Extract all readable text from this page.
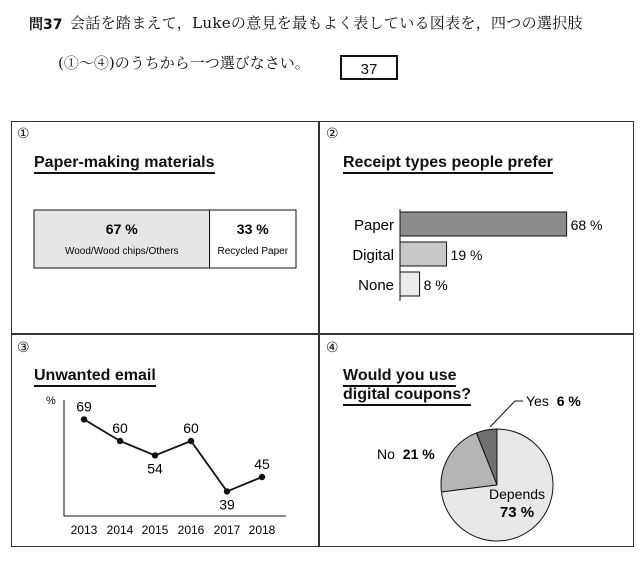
問37 会話を踏まえて，Lukeの意見を最もよく表している図表を，四つの選択肢
(①～④)のうちから一つ選びなさい。	37
①
Paper-making materials
67 %
Wood/Wood chips/Others
33 %
Recycled Paper
②
Receipt types people prefer
Paper
Digital
None
68 %
19 %
8 %
③
Unwanted email
% 69
60
54
60
39
45
2013 2014 2015 2016 2017 2018
④
Would you use
digital coupons?	Yes 6 %
No 21 %
Depends
73 %
